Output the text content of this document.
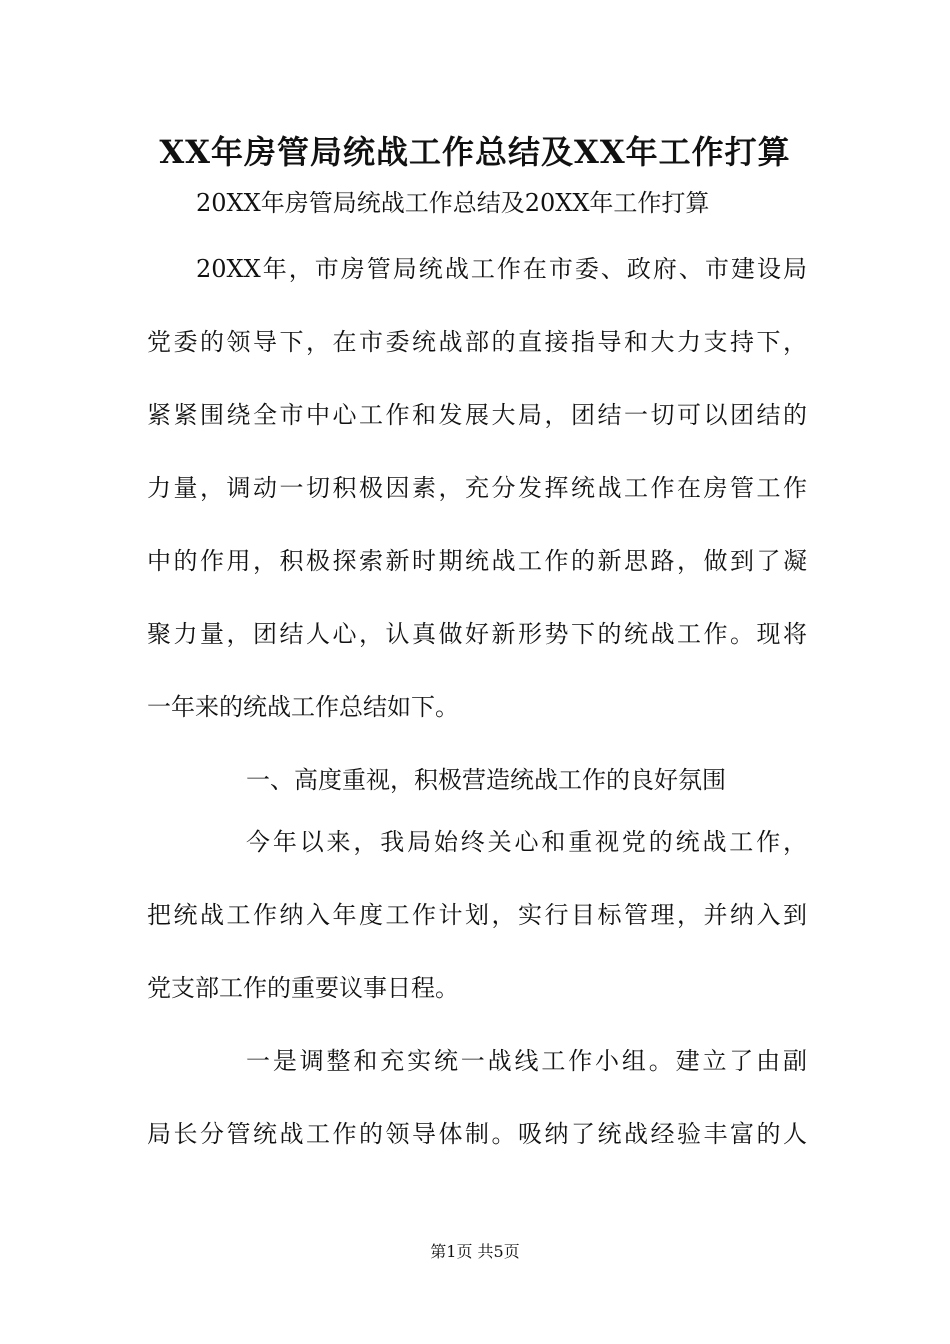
XX年房管局统战工作总结及XX年工作打算
20XX年房管局统战工作总结及20XX年工作打算
20XX年，市房管局统战工作在市委、政府、市建设局
党委的领导下，在市委统战部的直接指导和大力支持下，
紧紧围绕全市中心工作和发展大局，团结一切可以团结的
力量，调动一切积极因素，充分发挥统战工作在房管工作
中的作用，积极探索新时期统战工作的新思路，做到了凝
聚力量，团结人心，认真做好新形势下的统战工作。现将
一年来的统战工作总结如下。
一、高度重视，积极营造统战工作的良好氛围
今年以来，我局始终关心和重视党的统战工作，
把统战工作纳入年度工作计划，实行目标管理，并纳入到
党支部工作的重要议事日程。
一是调整和充实统一战线工作小组。建立了由副
局长分管统战工作的领导体制。吸纳了统战经验丰富的人
第1页 共5页
